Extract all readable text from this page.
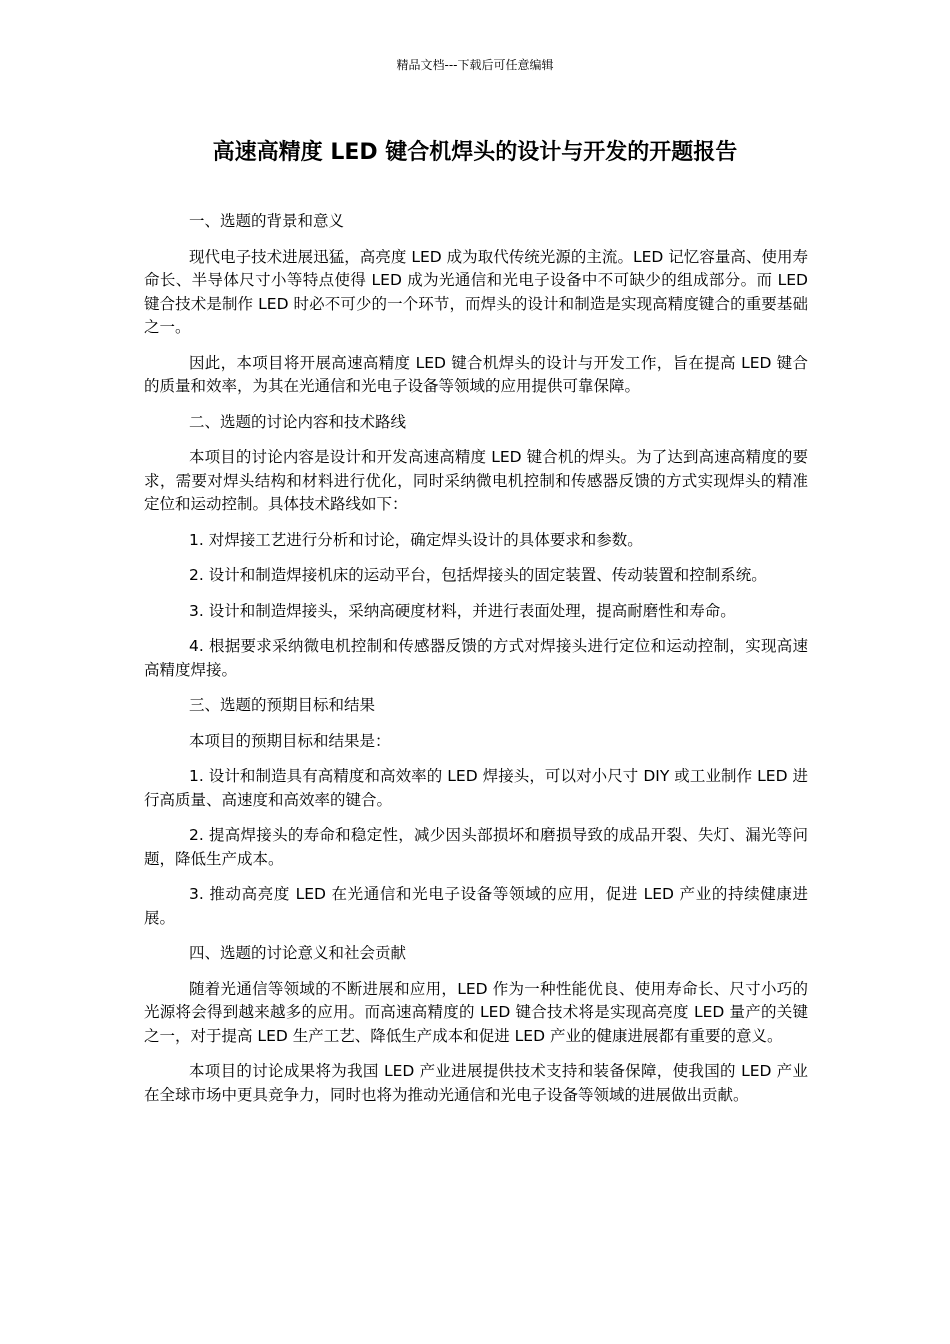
精品文档---下载后可任意编辑
高速高精度 LED 键合机焊头的设计与开发的开题报告

一、选题的背景和意义

现代电子技术进展迅猛，高亮度 LED 成为取代传统光源的主流。LED 记忆容量高、使用寿命长、半导体尺寸小等特点使得 LED 成为光通信和光电子设备中不可缺少的组成部分。而 LED 键合技术是制作 LED 时必不可少的一个环节，而焊头的设计和制造是实现高精度键合的重要基础之一。

因此，本项目将开展高速高精度 LED 键合机焊头的设计与开发工作，旨在提高 LED 键合的质量和效率，为其在光通信和光电子设备等领域的应用提供可靠保障。

二、选题的讨论内容和技术路线

本项目的讨论内容是设计和开发高速高精度 LED 键合机的焊头。为了达到高速高精度的要求，需要对焊头结构和材料进行优化，同时采纳微电机控制和传感器反馈的方式实现焊头的精准定位和运动控制。具体技术路线如下：

1. 对焊接工艺进行分析和讨论，确定焊头设计的具体要求和参数。

2. 设计和制造焊接机床的运动平台，包括焊接头的固定装置、传动装置和控制系统。

3. 设计和制造焊接头，采纳高硬度材料，并进行表面处理，提高耐磨性和寿命。

4. 根据要求采纳微电机控制和传感器反馈的方式对焊接头进行定位和运动控制，实现高速高精度焊接。

三、选题的预期目标和结果

本项目的预期目标和结果是：

1. 设计和制造具有高精度和高效率的 LED 焊接头，可以对小尺寸 DIY 或工业制作 LED 进行高质量、高速度和高效率的键合。

2. 提高焊接头的寿命和稳定性，减少因头部损坏和磨损导致的成品开裂、失灯、漏光等问题，降低生产成本。

3. 推动高亮度 LED 在光通信和光电子设备等领域的应用，促进 LED 产业的持续健康进展。

四、选题的讨论意义和社会贡献

随着光通信等领域的不断进展和应用，LED 作为一种性能优良、使用寿命长、尺寸小巧的光源将会得到越来越多的应用。而高速高精度的 LED 键合技术将是实现高亮度 LED 量产的关键之一，对于提高 LED 生产工艺、降低生产成本和促进 LED 产业的健康进展都有重要的意义。

本项目的讨论成果将为我国 LED 产业进展提供技术支持和装备保障，使我国的 LED 产业在全球市场中更具竞争力，同时也将为推动光通信和光电子设备等领域的进展做出贡献。
